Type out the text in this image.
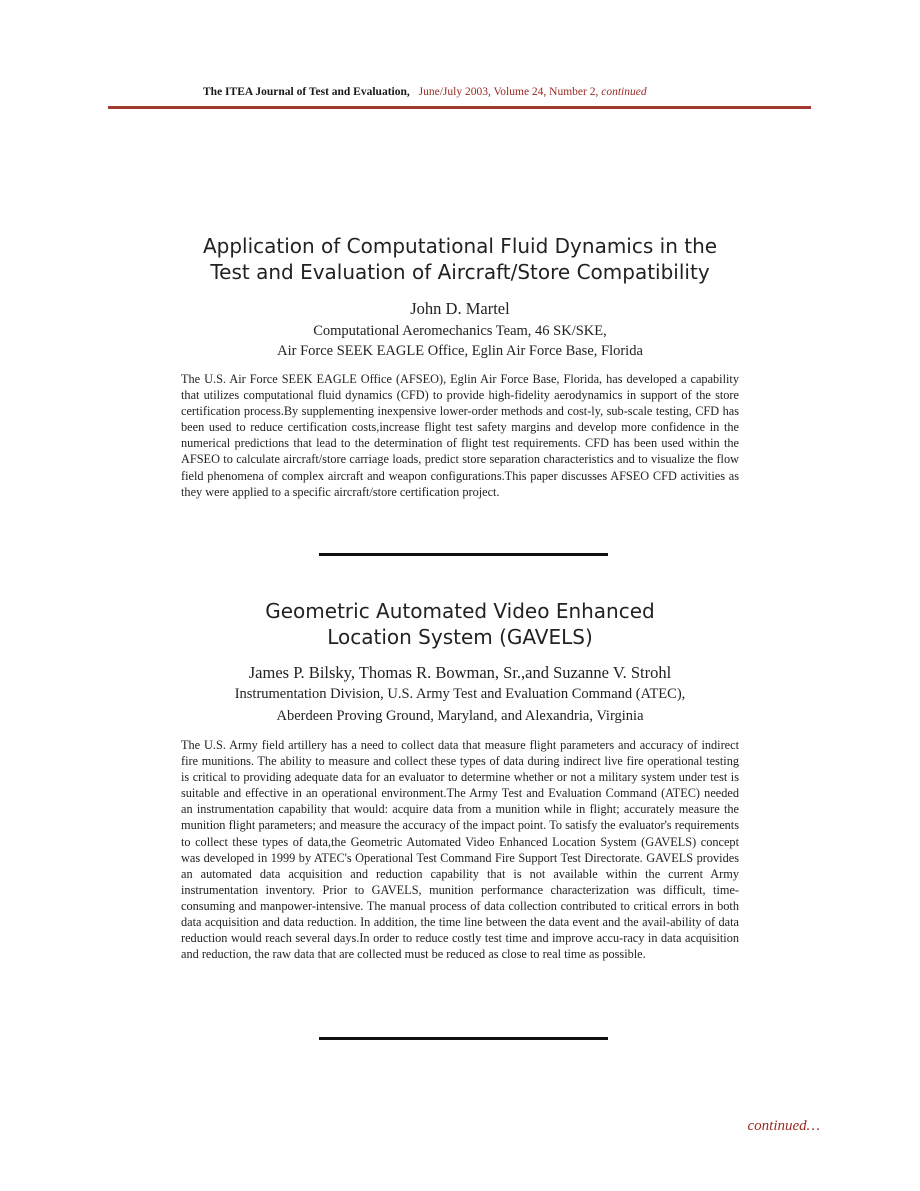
The ITEA Journal of Test and Evaluation, June/July 2003, Volume 24, Number 2, continued
Application of Computational Fluid Dynamics in the
Test and Evaluation of Aircraft/Store Compatibility
John D. Martel
Computational Aeromechanics Team, 46 SK/SKE,
Air Force SEEK EAGLE Office, Eglin Air Force Base, Florida

The U.S. Air Force SEEK EAGLE Office (AFSEO), Eglin Air Force Base, Florida, has developed a capability that utilizes computational fluid dynamics (CFD) to provide high-fidelity aerodynamics in support of the store certification process.By supplementing inexpensive lower-order methods and cost-ly, sub-scale testing, CFD has been used to reduce certification costs,increase flight test safety margins and develop more confidence in the numerical predictions that lead to the determination of flight test requirements. CFD has been used within the AFSEO to calculate aircraft/store carriage loads, predict store separation characteristics and to visualize the flow field phenomena of complex aircraft and weapon configurations.This paper discusses AFSEO CFD activities as they were applied to a specific aircraft/store certification project.

Geometric Automated Video Enhanced
Location System (GAVELS)
James P. Bilsky, Thomas R. Bowman, Sr.,and Suzanne V. Strohl
Instrumentation Division, U.S. Army Test and Evaluation Command (ATEC),
Aberdeen Proving Ground, Maryland, and Alexandria, Virginia

The U.S. Army field artillery has a need to collect data that measure flight parameters and accuracy of indirect fire munitions. The ability to measure and collect these types of data during indirect live fire operational testing is critical to providing adequate data for an evaluator to determine whether or not a military system under test is suitable and effective in an operational environment.The Army Test and Evaluation Command (ATEC) needed an instrumentation capability that would: acquire data from a munition while in flight; accurately measure the munition flight parameters; and measure the accuracy of the impact point. To satisfy the evaluator's requirements to collect these types of data,the Geometric Automated Video Enhanced Location System (GAVELS) concept was developed in 1999 by ATEC's Operational Test Command Fire Support Test Directorate. GAVELS provides an automated data acquisition and reduction capability that is not available within the current Army instrumentation inventory. Prior to GAVELS, munition performance characterization was difficult, time-consuming and manpower-intensive. The manual process of data collection contributed to critical errors in both data acquisition and data reduction. In addition, the time line between the data event and the avail-ability of data reduction would reach several days.In order to reduce costly test time and improve accu-racy in data acquisition and reduction, the raw data that are collected must be reduced as close to real time as possible.

continued…
